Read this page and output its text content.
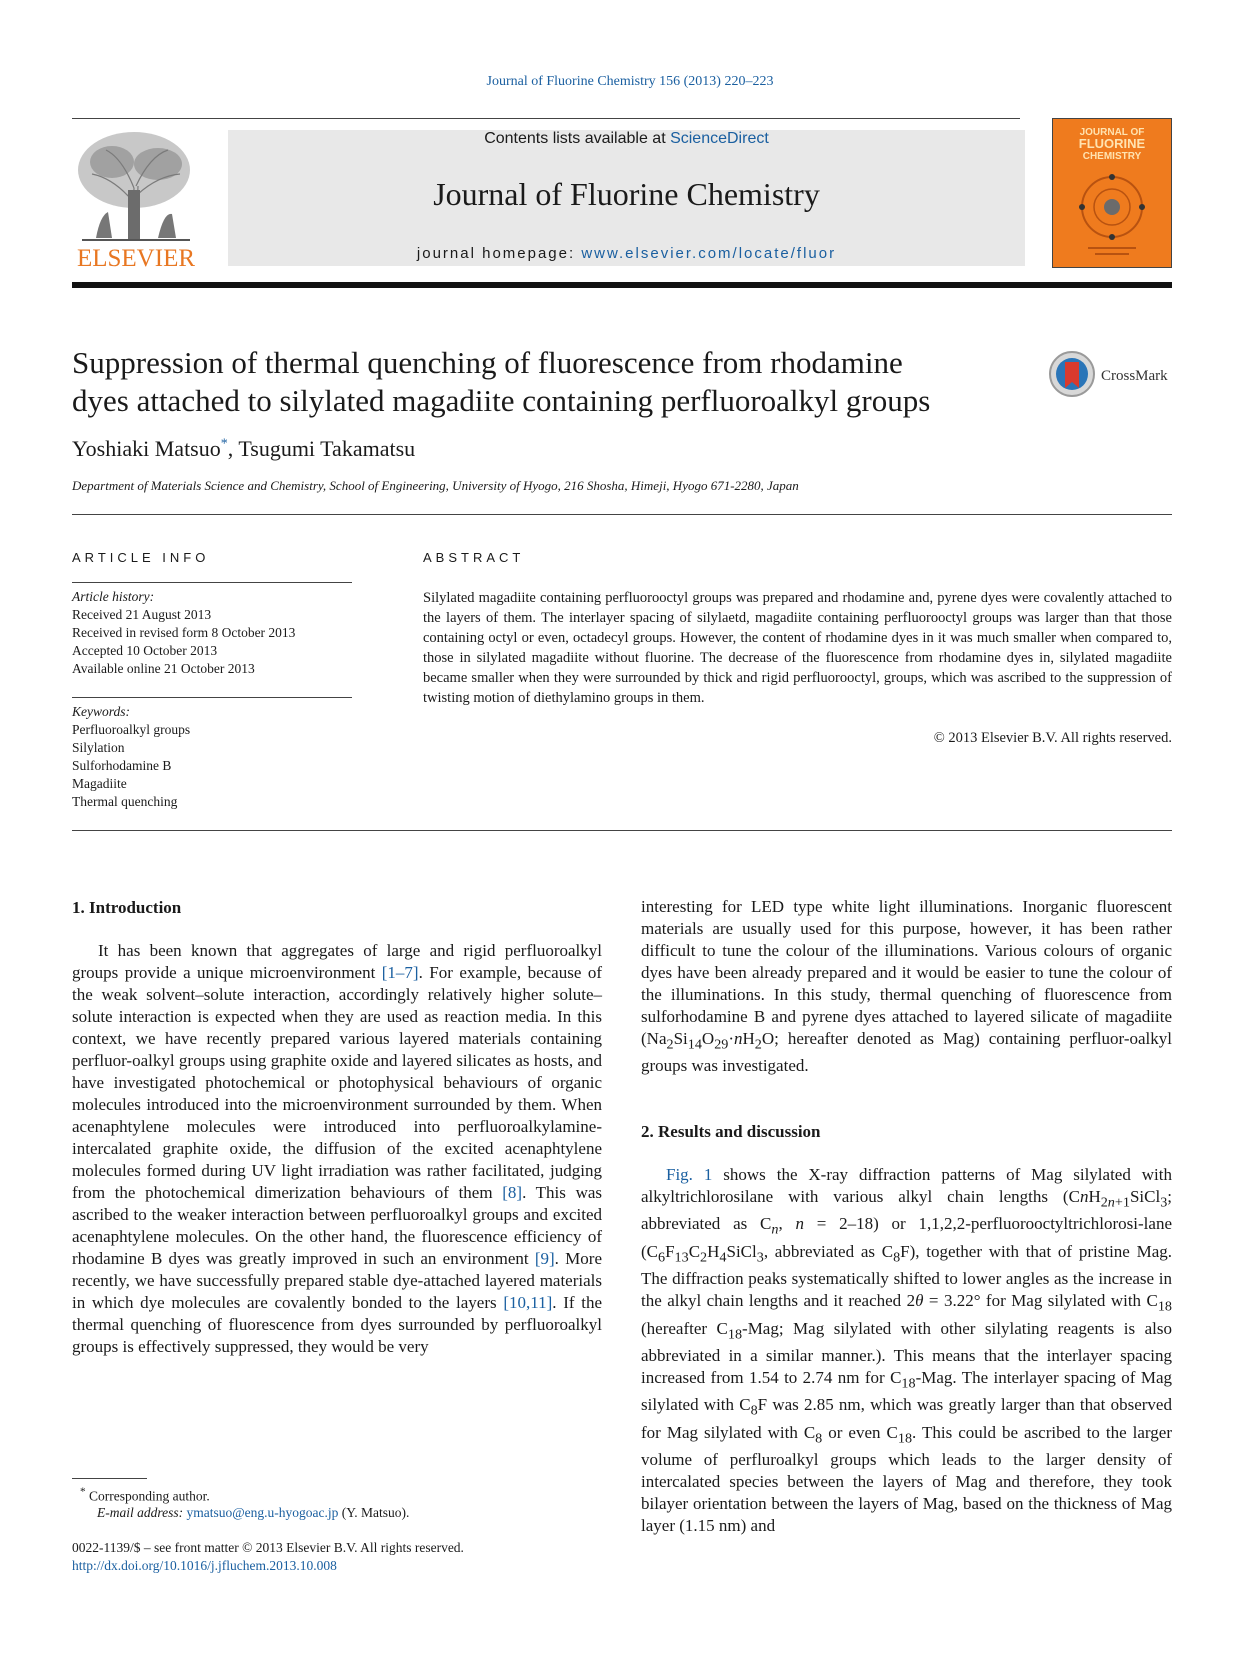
Journal of Fluorine Chemistry 156 (2013) 220–223
ELSEVIER
Contents lists available at ScienceDirect
Journal of Fluorine Chemistry
journal homepage: www.elsevier.com/locate/fluor
JOURNAL OF
FLUORINE
CHEMISTRY
Suppression of thermal quenching of fluorescence from rhodamine
dyes attached to silylated magadiite containing perfluoroalkyl groups
CrossMark
Yoshiaki Matsuo*, Tsugumi Takamatsu
Department of Materials Science and Chemistry, School of Engineering, University of Hyogo, 216 Shosha, Himeji, Hyogo 671-2280, Japan
ARTICLE INFO	ABSTRACT
Article history:
Received 21 August 2013
Received in revised form 8 October 2013
Accepted 10 October 2013
Available online 21 October 2013
Keywords:
Perfluoroalkyl groups
Silylation
Sulforhodamine B
Magadiite
Thermal quenching

Silylated magadiite containing perfluorooctyl groups was prepared and rhodamine and, pyrene dyes were covalently attached to the layers of them. The interlayer spacing of silylaetd, magadiite containing perfluorooctyl groups was larger than that those containing octyl or even, octadecyl groups. However, the content of rhodamine dyes in it was much smaller when compared to, those in silylated magadiite without fluorine. The decrease of the fluorescence from rhodamine dyes in, silylated magadiite became smaller when they were surrounded by thick and rigid perfluorooctyl, groups, which was ascribed to the suppression of twisting motion of diethylamino groups in them.

© 2013 Elsevier B.V. All rights reserved.
1. Introduction

It has been known that aggregates of large and rigid perfluoroalkyl groups provide a unique microenvironment [1–7]. For example, because of the weak solvent–solute interaction, accordingly relatively higher solute–solute interaction is expected when they are used as reaction media. In this context, we have recently prepared various layered materials containing perfluor-oalkyl groups using graphite oxide and layered silicates as hosts, and have investigated photochemical or photophysical behaviours of organic molecules introduced into the microenvironment surrounded by them. When acenaphtylene molecules were introduced into perfluoroalkylamine-intercalated graphite oxide, the diffusion of the excited acenaphtylene molecules formed during UV light irradiation was rather facilitated, judging from the photochemical dimerization behaviours of them [8]. This was ascribed to the weaker interaction between perfluoroalkyl groups and excited acenaphtylene molecules. On the other hand, the fluorescence efficiency of rhodamine B dyes was greatly improved in such an environment [9]. More recently, we have successfully prepared stable dye-attached layered materials in which dye molecules are covalently bonded to the layers [10,11]. If the thermal quenching of fluorescence from dyes surrounded by perfluoroalkyl groups is effectively suppressed, they would be very

interesting for LED type white light illuminations. Inorganic fluorescent materials are usually used for this purpose, however, it has been rather difficult to tune the colour of the illuminations. Various colours of organic dyes have been already prepared and it would be easier to tune the colour of the illuminations. In this study, thermal quenching of fluorescence from sulforhodamine B and pyrene dyes attached to layered silicate of magadiite ($Na_2Si_{14}O_{29}\cdot nH_2O$; hereafter denoted as Mag) containing perfluor-oalkyl groups was investigated.

2. Results and discussion

Fig. 1 shows the X-ray diffraction patterns of Mag silylated with alkyltrichlorosilane with various alkyl chain lengths (CnH$_{2n+1}$SiCl$_3$; abbreviated as $C_n$, n = 2–18) or 1,1,2,2-perfluorooctyltrichlorosi-lane ($C_6F_{13}C_2H_4SiCl_3$, abbreviated as $C_8F$), together with that of pristine Mag. The diffraction peaks systematically shifted to lower angles as the increase in the alkyl chain lengths and it reached 2θ = 3.22° for Mag silylated with $C_{18}$ (hereafter $C_{18}$-Mag; Mag silylated with other silylating reagents is also abbreviated in a similar manner.). This means that the interlayer spacing increased from 1.54 to 2.74 nm for $C_{18}$-Mag. The interlayer spacing of Mag silylated with $C_8F$ was 2.85 nm, which was greatly larger than that observed for Mag silylated with $C_8$ or even $C_{18}$. This could be ascribed to the larger volume of perfluroalkyl groups which leads to the larger density of intercalated species between the layers of Mag and therefore, they took bilayer orientation between the layers of Mag, based on the thickness of Mag layer (1.15 nm) and

* Corresponding author.
E-mail address: ymatsuo@eng.u-hyogoac.jp (Y. Matsuo).
0022-1139/$ – see front matter © 2013 Elsevier B.V. All rights reserved.
http://dx.doi.org/10.1016/j.jfluchem.2013.10.008
